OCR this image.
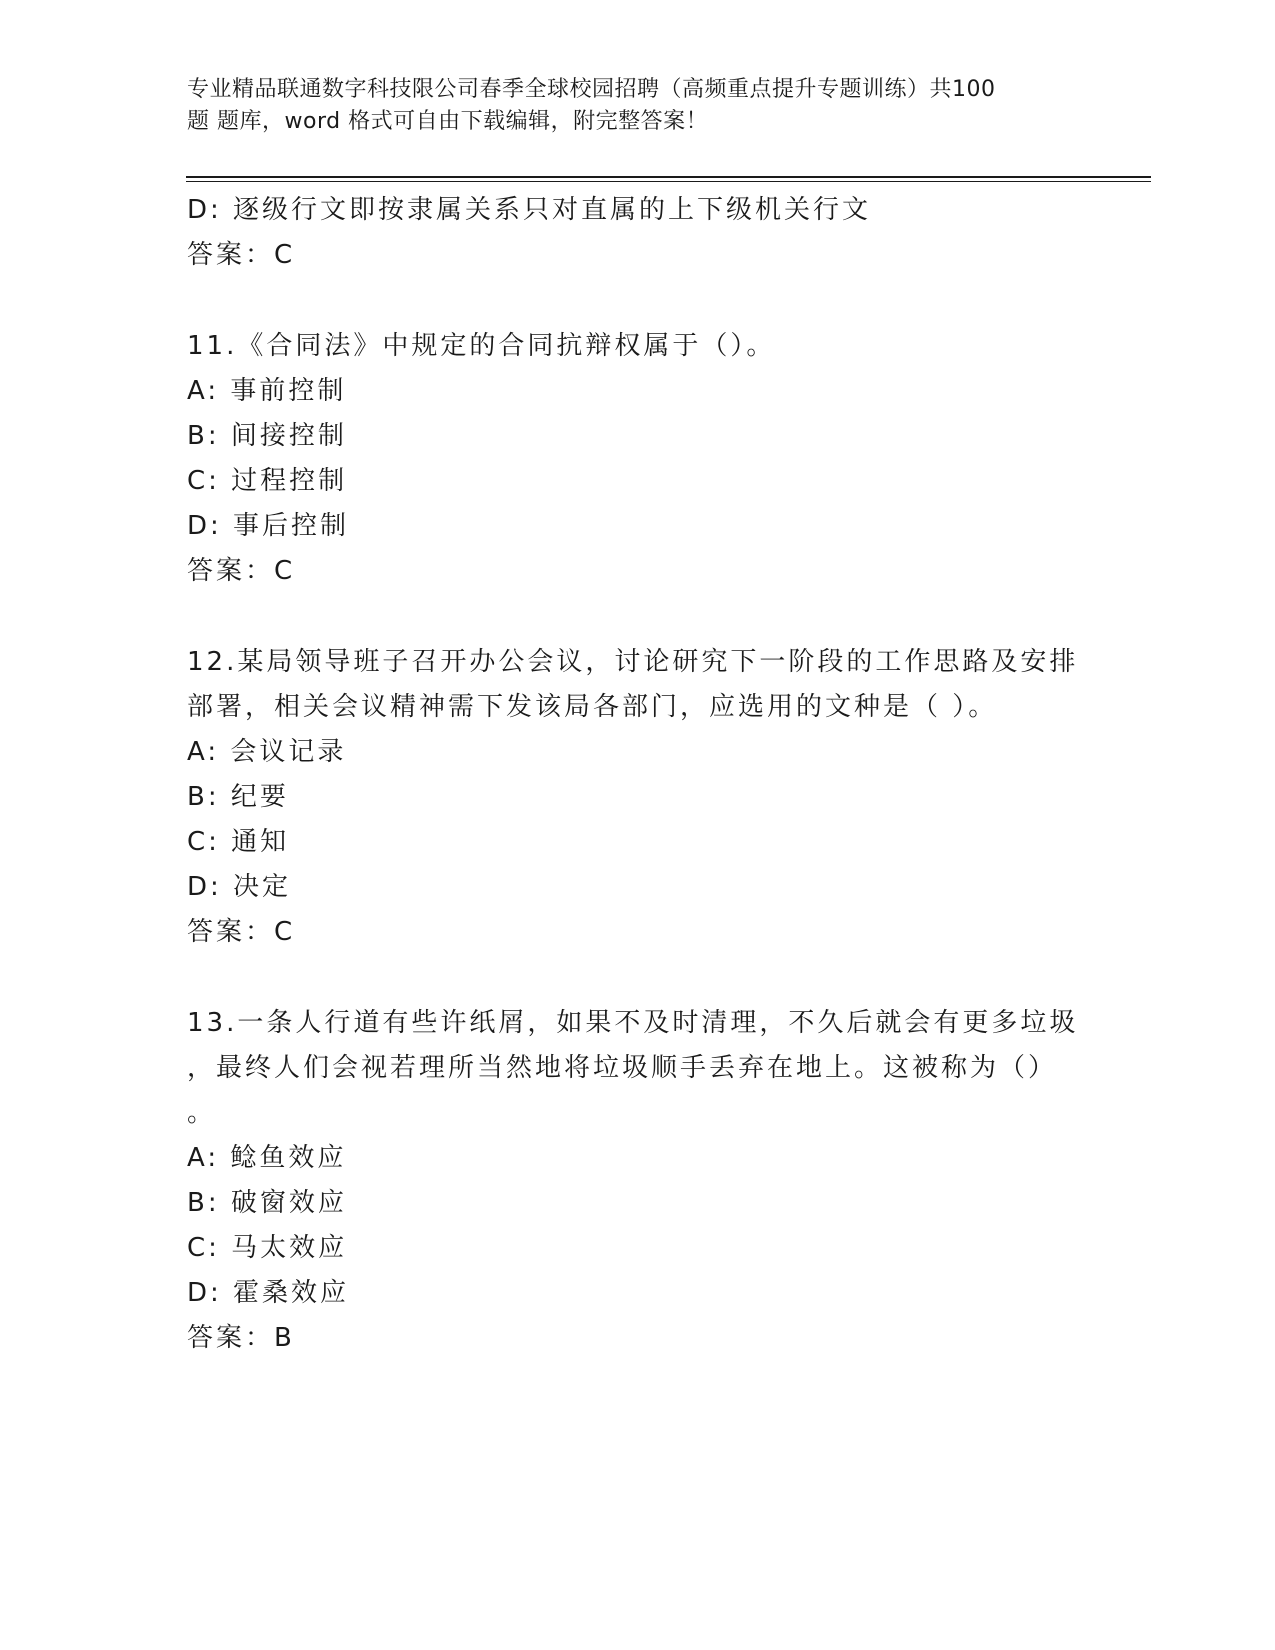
专业精品联通数字科技限公司春季全球校园招聘（高频重点提升专题训练）共100
题 题库，word 格式可自由下载编辑，附完整答案！
D: 逐级行文即按隶属关系只对直属的上下级机关行文
答案：C
11.《合同法》中规定的合同抗辩权属于（）。
A: 事前控制
B: 间接控制
C: 过程控制
D: 事后控制
答案：C
12.某局领导班子召开办公会议，讨论研究下一阶段的工作思路及安排
部署，相关会议精神需下发该局各部门，应选用的文种是（ ）。
A: 会议记录
B: 纪要
C: 通知
D: 决定
答案：C
13.一条人行道有些许纸屑，如果不及时清理，不久后就会有更多垃圾
，最终人们会视若理所当然地将垃圾顺手丢弃在地上。这被称为（）
。
A: 鲶鱼效应
B: 破窗效应
C: 马太效应
D: 霍桑效应
答案：B
